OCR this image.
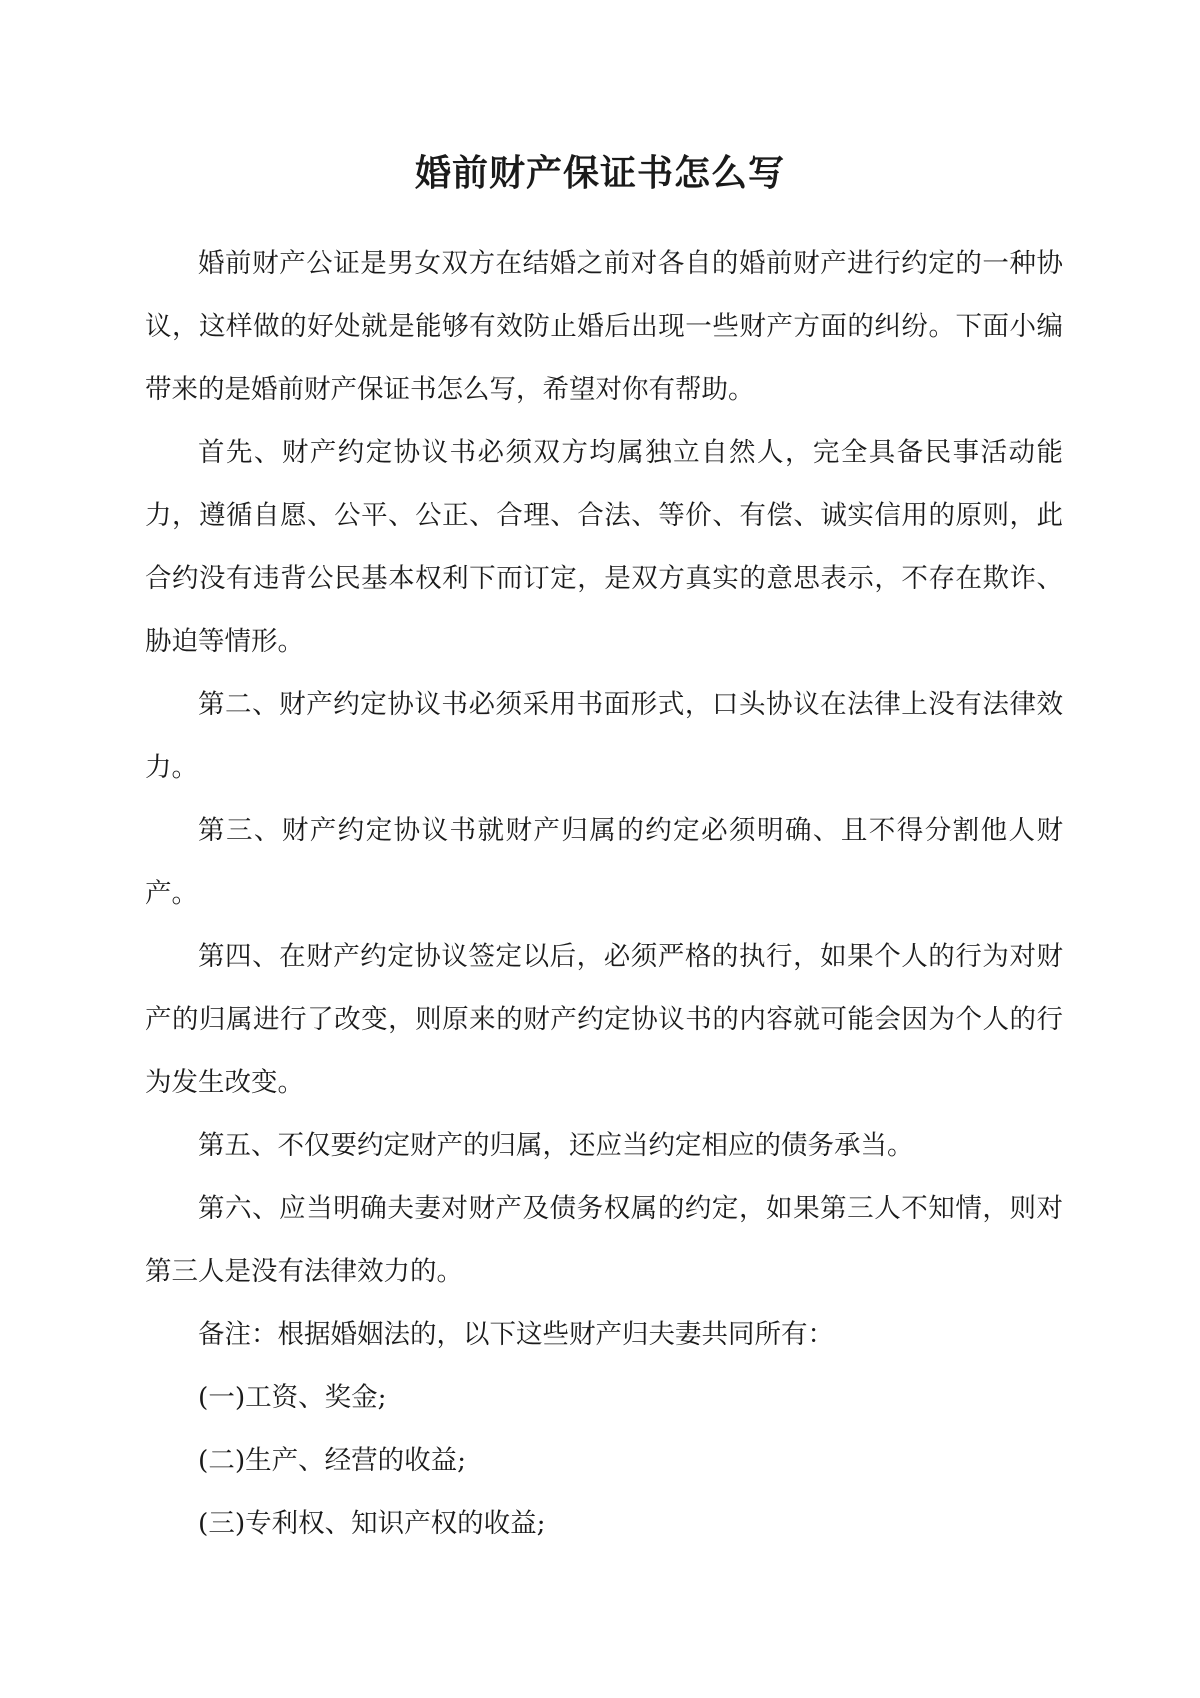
婚前财产保证书怎么写

婚前财产公证是男女双方在结婚之前对各自的婚前财产进行约定的一种协议，这样做的好处就是能够有效防止婚后出现一些财产方面的纠纷。下面小编带来的是婚前财产保证书怎么写，希望对你有帮助。

首先、财产约定协议书必须双方均属独立自然人，完全具备民事活动能力，遵循自愿、公平、公正、合理、合法、等价、有偿、诚实信用的原则，此合约没有违背公民基本权利下而订定，是双方真实的意思表示，不存在欺诈、胁迫等情形。

第二、财产约定协议书必须采用书面形式，口头协议在法律上没有法律效力。

第三、财产约定协议书就财产归属的约定必须明确、且不得分割他人财产。

第四、在财产约定协议签定以后，必须严格的执行，如果个人的行为对财产的归属进行了改变，则原来的财产约定协议书的内容就可能会因为个人的行为发生改变。

第五、不仅要约定财产的归属，还应当约定相应的债务承当。

第六、应当明确夫妻对财产及债务权属的约定，如果第三人不知情，则对第三人是没有法律效力的。

备注：根据婚姻法的，以下这些财产归夫妻共同所有：

(一)工资、奖金;

(二)生产、经营的收益;

(三)专利权、知识产权的收益;
